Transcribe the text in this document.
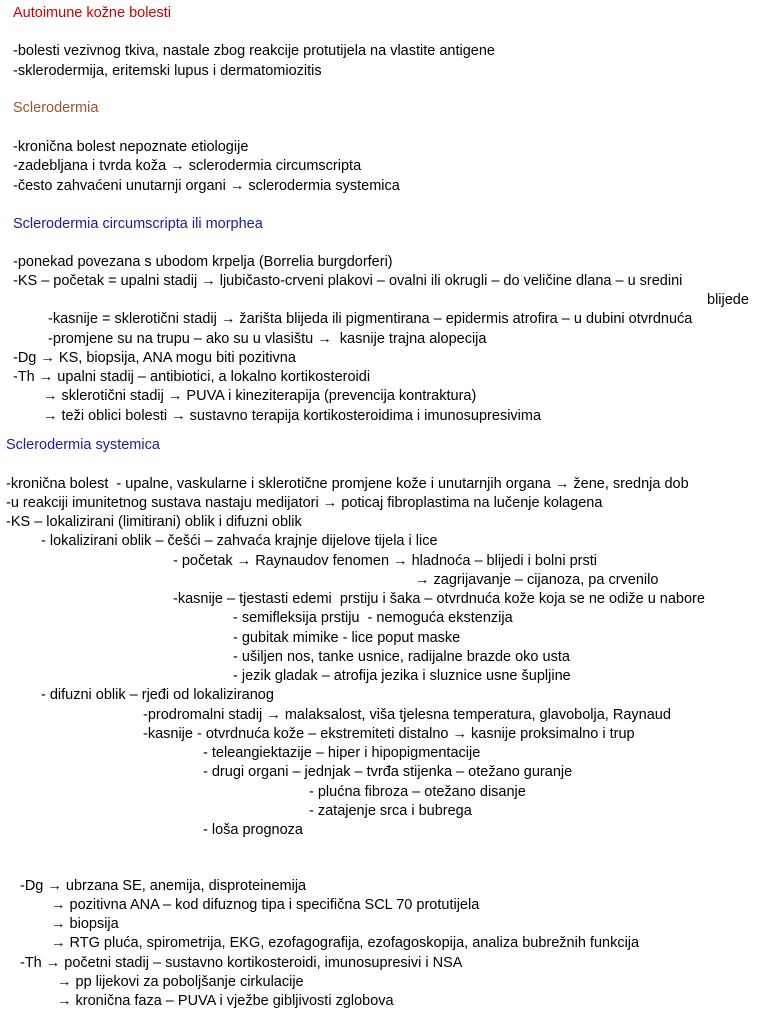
Autoimune kožne bolesti
-bolesti vezivnog tkiva, nastale zbog reakcije protutijela na vlastite antigene
-sklerodermija, eritemski lupus i dermatomiozitis
Sclerodermia
-kronična bolest nepoznate etiologije
-zadebljana i tvrda koža → sclerodermia circumscripta
-često zahvaćeni unutarnji organi → sclerodermia systemica
Sclerodermia circumscripta ili morphea
-ponekad povezana s ubodom krpelja (Borrelia burgdorferi)
-KS – početak = upalni stadij → ljubičasto-crveni plakovi – ovalni ili okrugli – do veličine dlana – u sredini
blijede
-kasnije = sklerotični stadij → žarišta blijeda ili pigmentirana – epidermis atrofira – u dubini otvrdnuća
-promjene su na trupu – ako su u vlasištu →  kasnije trajna alopecija
-Dg → KS, biopsija, ANA mogu biti pozitivna
-Th → upalni stadij – antibiotici, a lokalno kortikosteroidi
→ sklerotični stadij → PUVA i kineziterapija (prevencija kontraktura)
→ teži oblici bolesti → sustavno terapija kortikosteroidima i imunosupresivima
Sclerodermia systemica
-kronična bolest  - upalne, vaskularne i sklerotične promjene kože i unutarnjih organa → žene, srednja dob
-u reakciji imunitetnog sustava nastaju medijatori → poticaj fibroplastima na lučenje kolagena
-KS – lokalizirani (limitirani) oblik i difuzni oblik
- lokalizirani oblik – češći – zahvaća krajnje dijelove tijela i lice
- početak → Raynaudov fenomen → hladnoća – blijedi i bolni prsti
→ zagrijavanje – cijanoza, pa crvenilo
-kasnije – tjestasti edemi  prstiju i šaka – otvrdnuća kože koja se ne odiže u nabore
- semifleksija prstiju  - nemoguća ekstenzija
- gubitak mimike - lice poput maske
- ušiljen nos, tanke usnice, radijalne brazde oko usta
- jezik gladak – atrofija jezika i sluznice usne šupljine
- difuzni oblik – rjeđi od lokaliziranog
-prodromalni stadij → malaksalost, viša tjelesna temperatura, glavobolja, Raynaud
-kasnije - otvrdnuća kože – ekstremiteti distalno → kasnije proksimalno i trup
- teleangiektazije – hiper i hipopigmentacije
- drugi organi – jednjak – tvrđa stijenka – otežano guranje
- plućna fibroza – otežano disanje
- zatajenje srca i bubrega
- loša prognoza
-Dg → ubrzana SE, anemija, disproteinemija
→ pozitivna ANA – kod difuznog tipa i specifična SCL 70 protutijela
→ biopsija
→ RTG pluća, spirometrija, EKG, ezofagografija, ezofagoskopija, analiza bubrežnih funkcija
-Th → početni stadij – sustavno kortikosteroidi, imunosupresivi i NSA
→ pp lijekovi za poboljšanje cirkulacije
→ kronična faza – PUVA i vježbe gibljivosti zglobova
